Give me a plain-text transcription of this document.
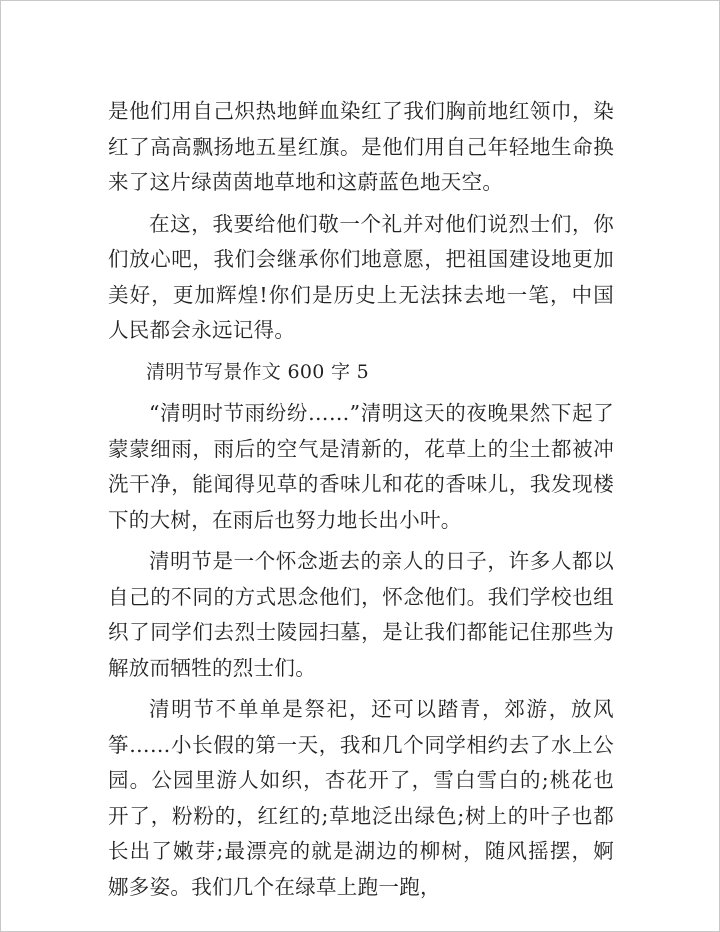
是他们用自己炽热地鲜血染红了我们胸前地红领巾，染红了高高飘扬地五星红旗。是他们用自己年轻地生命换来了这片绿茵茵地草地和这蔚蓝色地天空。

在这，我要给他们敬一个礼并对他们说烈士们，你们放心吧，我们会继承你们地意愿，把祖国建设地更加美好，更加辉煌!你们是历史上无法抹去地一笔，中国人民都会永远记得。

清明节写景作文 600 字 5

“清明时节雨纷纷……”清明这天的夜晚果然下起了蒙蒙细雨，雨后的空气是清新的，花草上的尘土都被冲洗干净，能闻得见草的香味儿和花的香味儿，我发现楼下的大树，在雨后也努力地长出小叶。

清明节是一个怀念逝去的亲人的日子，许多人都以自己的不同的方式思念他们，怀念他们。我们学校也组织了同学们去烈士陵园扫墓，是让我们都能记住那些为解放而牺牲的烈士们。

清明节不单单是祭祀，还可以踏青，郊游，放风筝……小长假的第一天，我和几个同学相约去了水上公园。公园里游人如织，杏花开了，雪白雪白的;桃花也开了，粉粉的，红红的;草地泛出绿色;树上的叶子也都长出了嫩芽;最漂亮的就是湖边的柳树，随风摇摆，婀娜多姿。我们几个在绿草上跑一跑，
